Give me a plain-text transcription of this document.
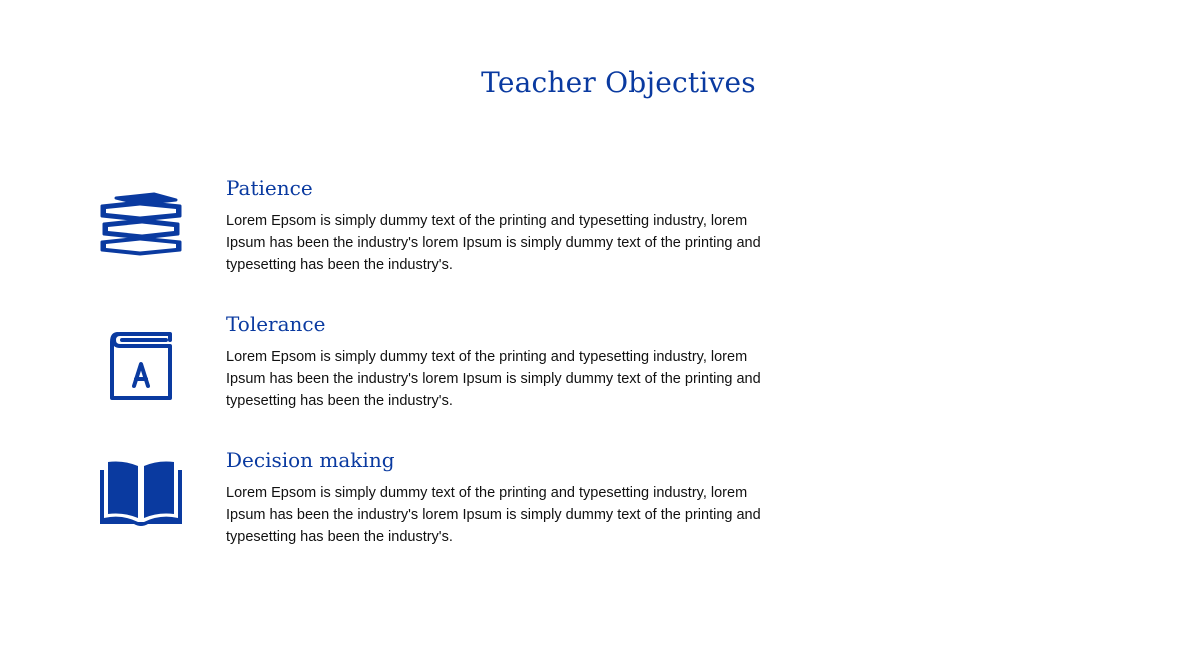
Teacher Objectives
Patience

Lorem Epsom is simply dummy text of the printing and typesetting industry, lorem Ipsum has been the industry's lorem Ipsum is simply dummy text of the printing and typesetting has been the industry's.

Tolerance

Lorem Epsom is simply dummy text of the printing and typesetting industry, lorem Ipsum has been the industry's lorem Ipsum is simply dummy text of the printing and typesetting has been the industry's.

Decision making

Lorem Epsom is simply dummy text of the printing and typesetting industry, lorem Ipsum has been the industry's lorem Ipsum is simply dummy text of the printing and typesetting has been the industry's.
